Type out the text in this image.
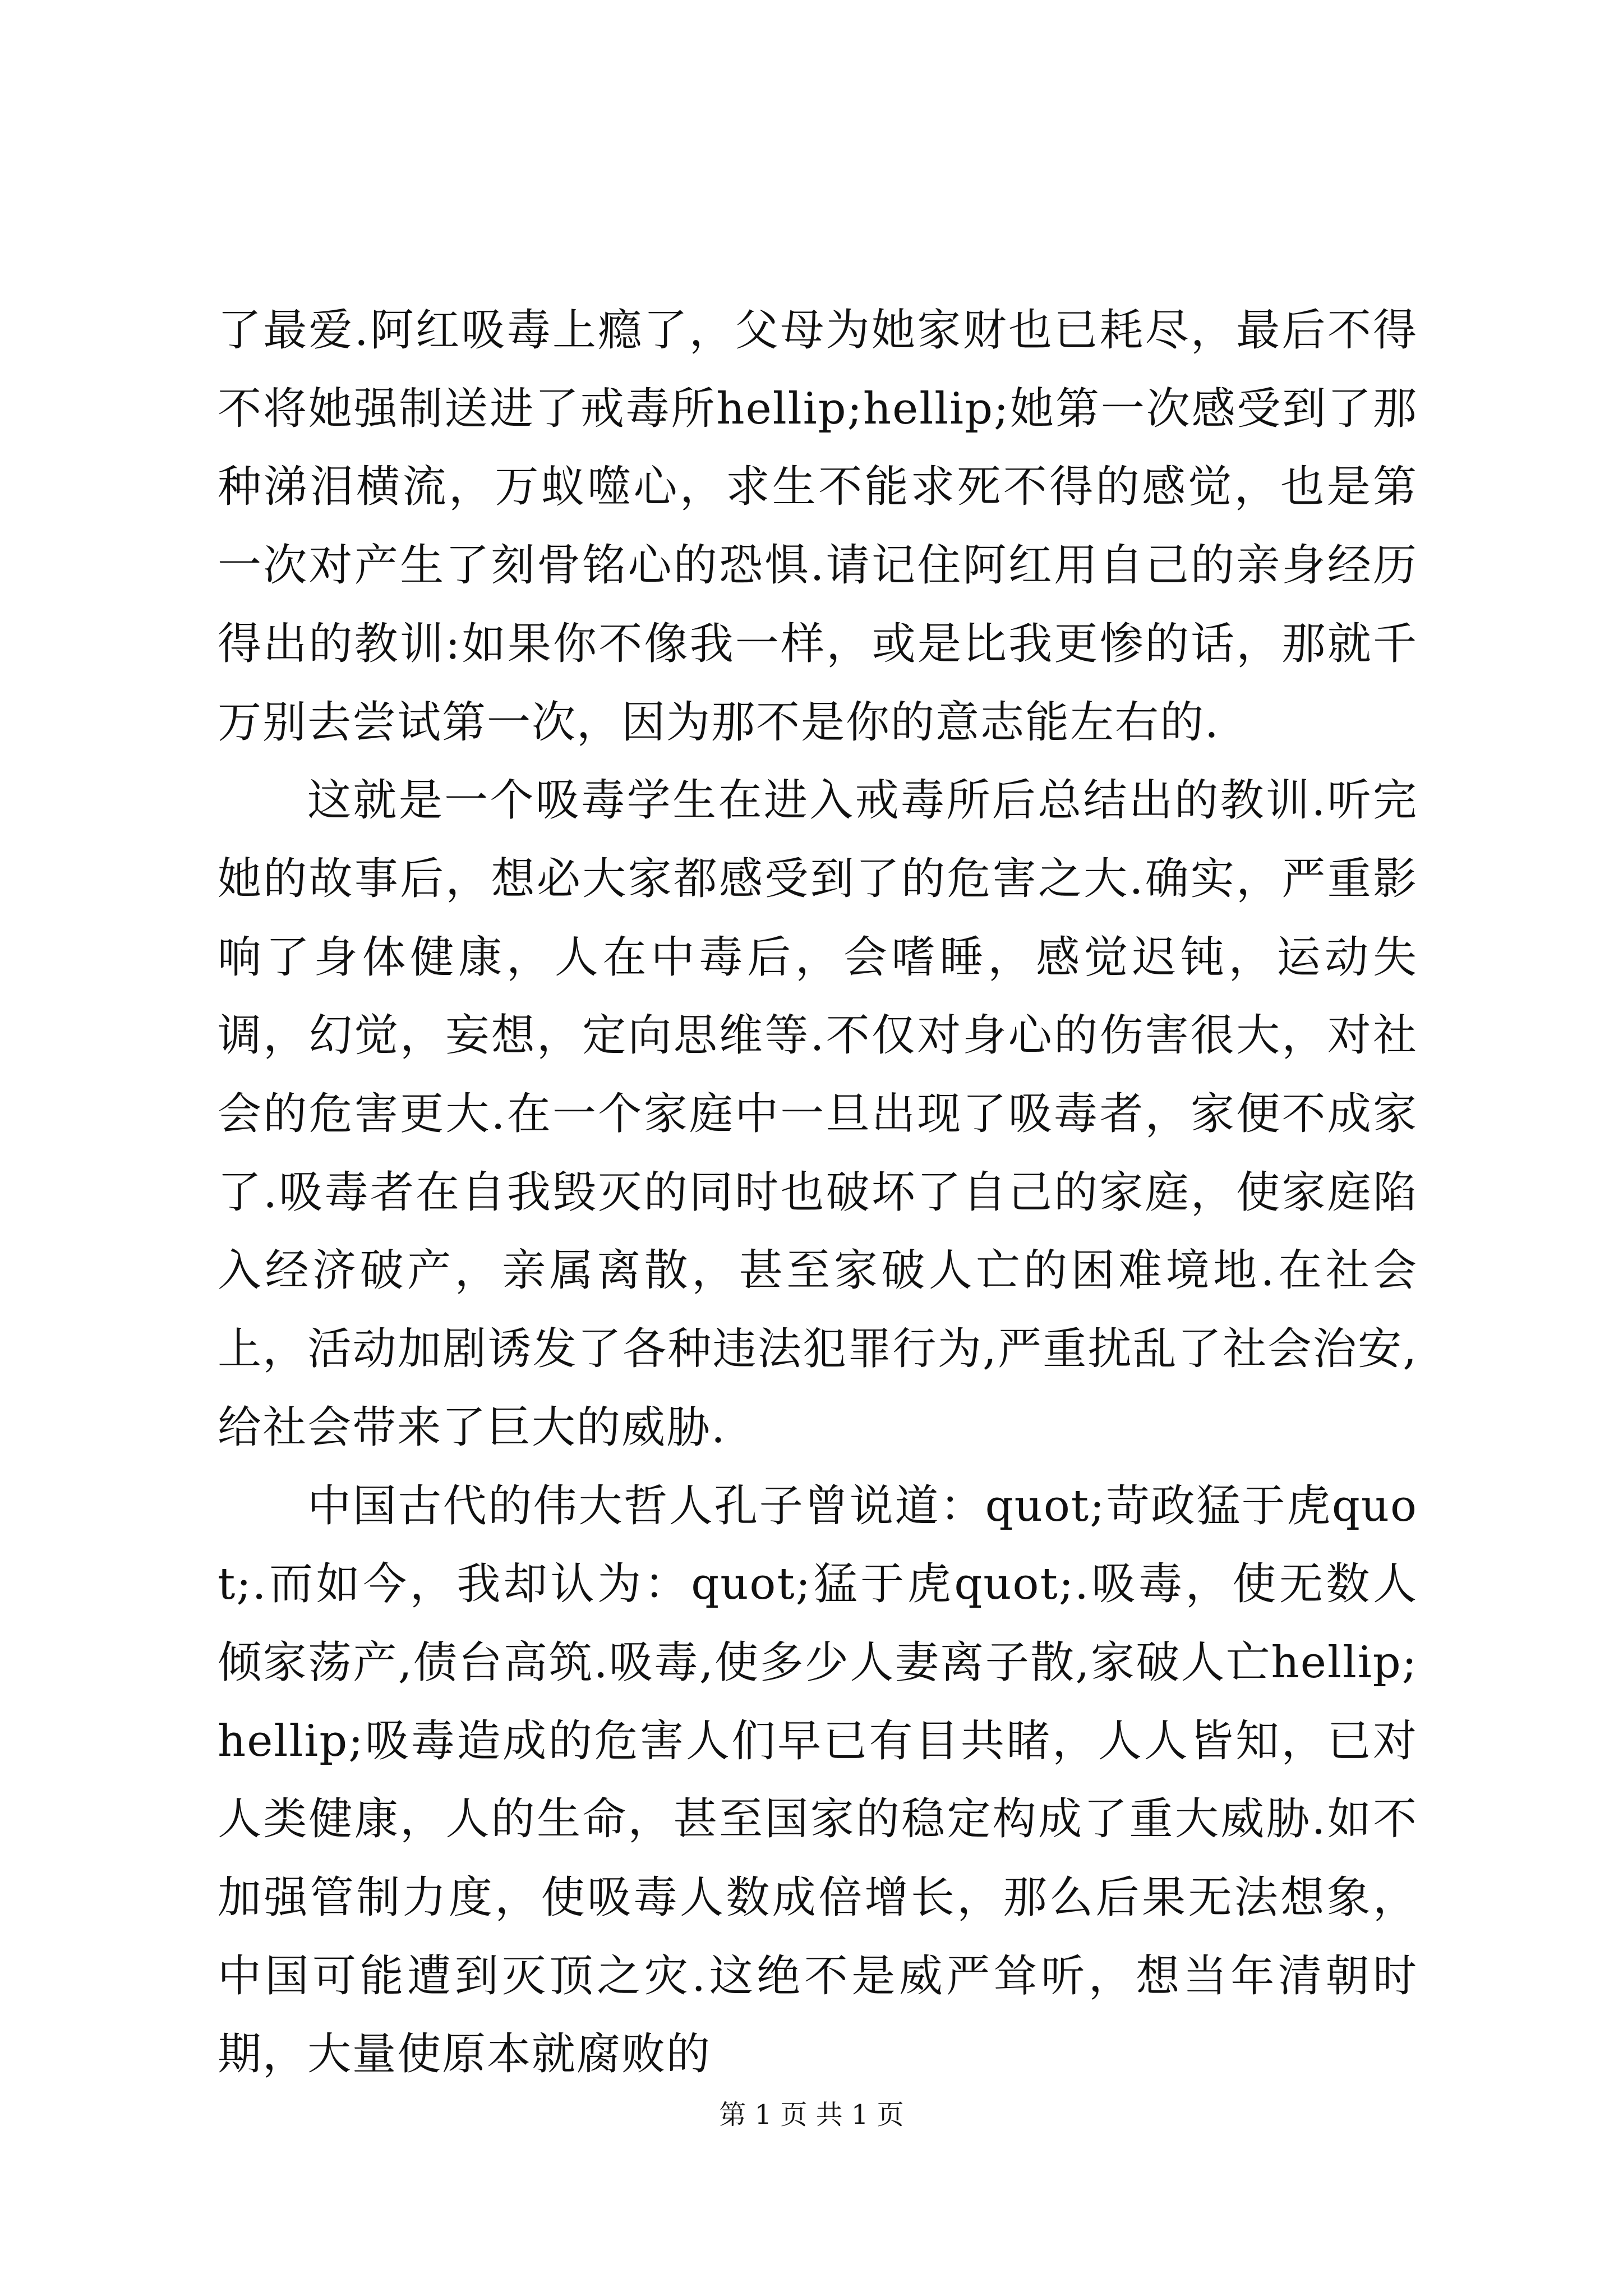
了最爱.阿红吸毒上瘾了，父母为她家财也已耗尽，最后不得不将她强制送进了戒毒所hellip;hellip;她第一次感受到了那种涕泪横流，万蚁噬心，求生不能求死不得的感觉，也是第一次对产生了刻骨铭心的恐惧.请记住阿红用自己的亲身经历得出的教训:如果你不像我一样，或是比我更惨的话，那就千万别去尝试第一次，因为那不是你的意志能左右的.

这就是一个吸毒学生在进入戒毒所后总结出的教训.听完她的故事后，想必大家都感受到了的危害之大.确实，严重影响了身体健康，人在中毒后，会嗜睡，感觉迟钝，运动失调，幻觉，妄想，定向思维等.不仅对身心的伤害很大，对社会的危害更大.在一个家庭中一旦出现了吸毒者，家便不成家了.吸毒者在自我毁灭的同时也破坏了自己的家庭，使家庭陷入经济破产，亲属离散，甚至家破人亡的困难境地.在社会上，活动加剧诱发了各种违法犯罪行为,严重扰乱了社会治安,给社会带来了巨大的威胁.

中国古代的伟大哲人孔子曾说道：quot;苛政猛于虎quot;.而如今，我却认为：quot;猛于虎quot;.吸毒，使无数人倾家荡产,债台高筑.吸毒,使多少人妻离子散,家破人亡hellip;hellip;吸毒造成的危害人们早已有目共睹，人人皆知，已对人类健康，人的生命，甚至国家的稳定构成了重大威胁.如不加强管制力度，使吸毒人数成倍增长，那么后果无法想象，中国可能遭到灭顶之灾.这绝不是威严耸听，想当年清朝时期，大量使原本就腐败的

第 1 页 共 1 页
